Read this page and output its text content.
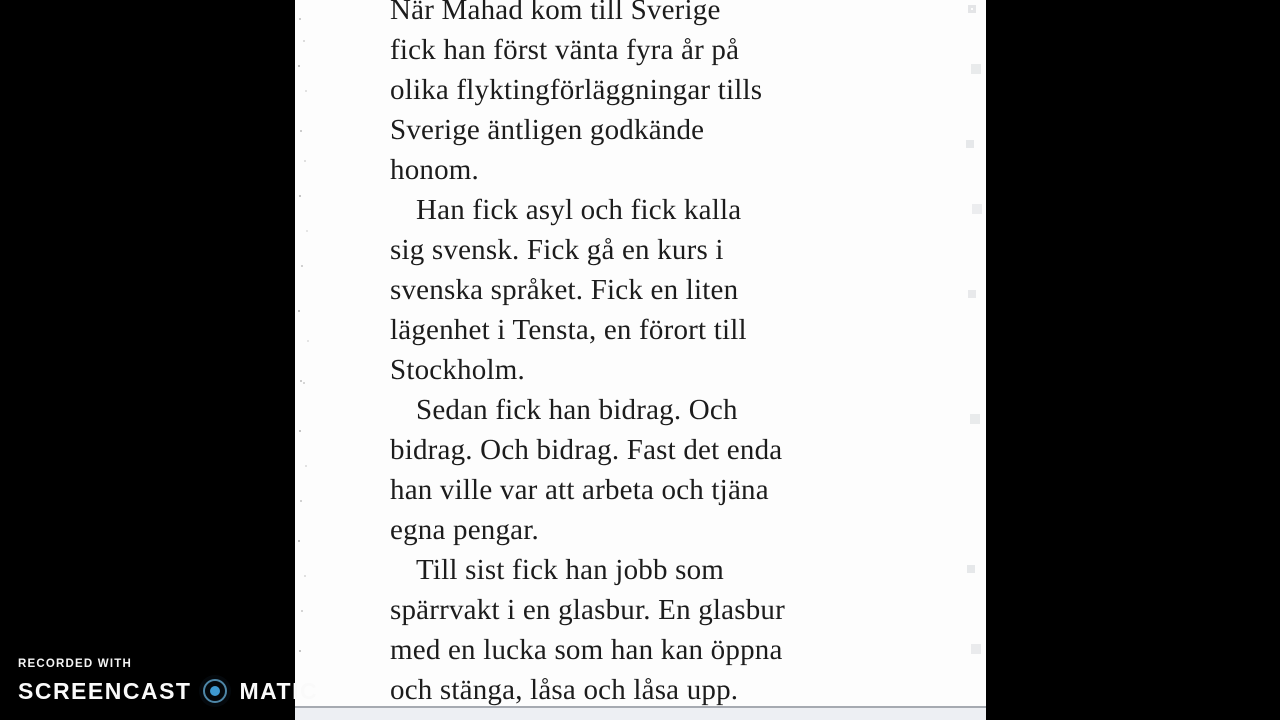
När Mahad kom till Sverige
fick han först vänta fyra år på
olika flyktingförläggningar tills
Sverige äntligen godkände
honom.
Han fick asyl och fick kalla
sig svensk. Fick gå en kurs i
svenska språket. Fick en liten
lägenhet i Tensta, en förort till
Stockholm.
Sedan fick han bidrag. Och
bidrag. Och bidrag. Fast det enda
han ville var att arbeta och tjäna
egna pengar.
Till sist fick han jobb som
spärrvakt i en glasbur. En glasbur
med en lucka som han kan öppna
och stänga, låsa och låsa upp.
RECORDED WITH
SCREENCAST MATIC
